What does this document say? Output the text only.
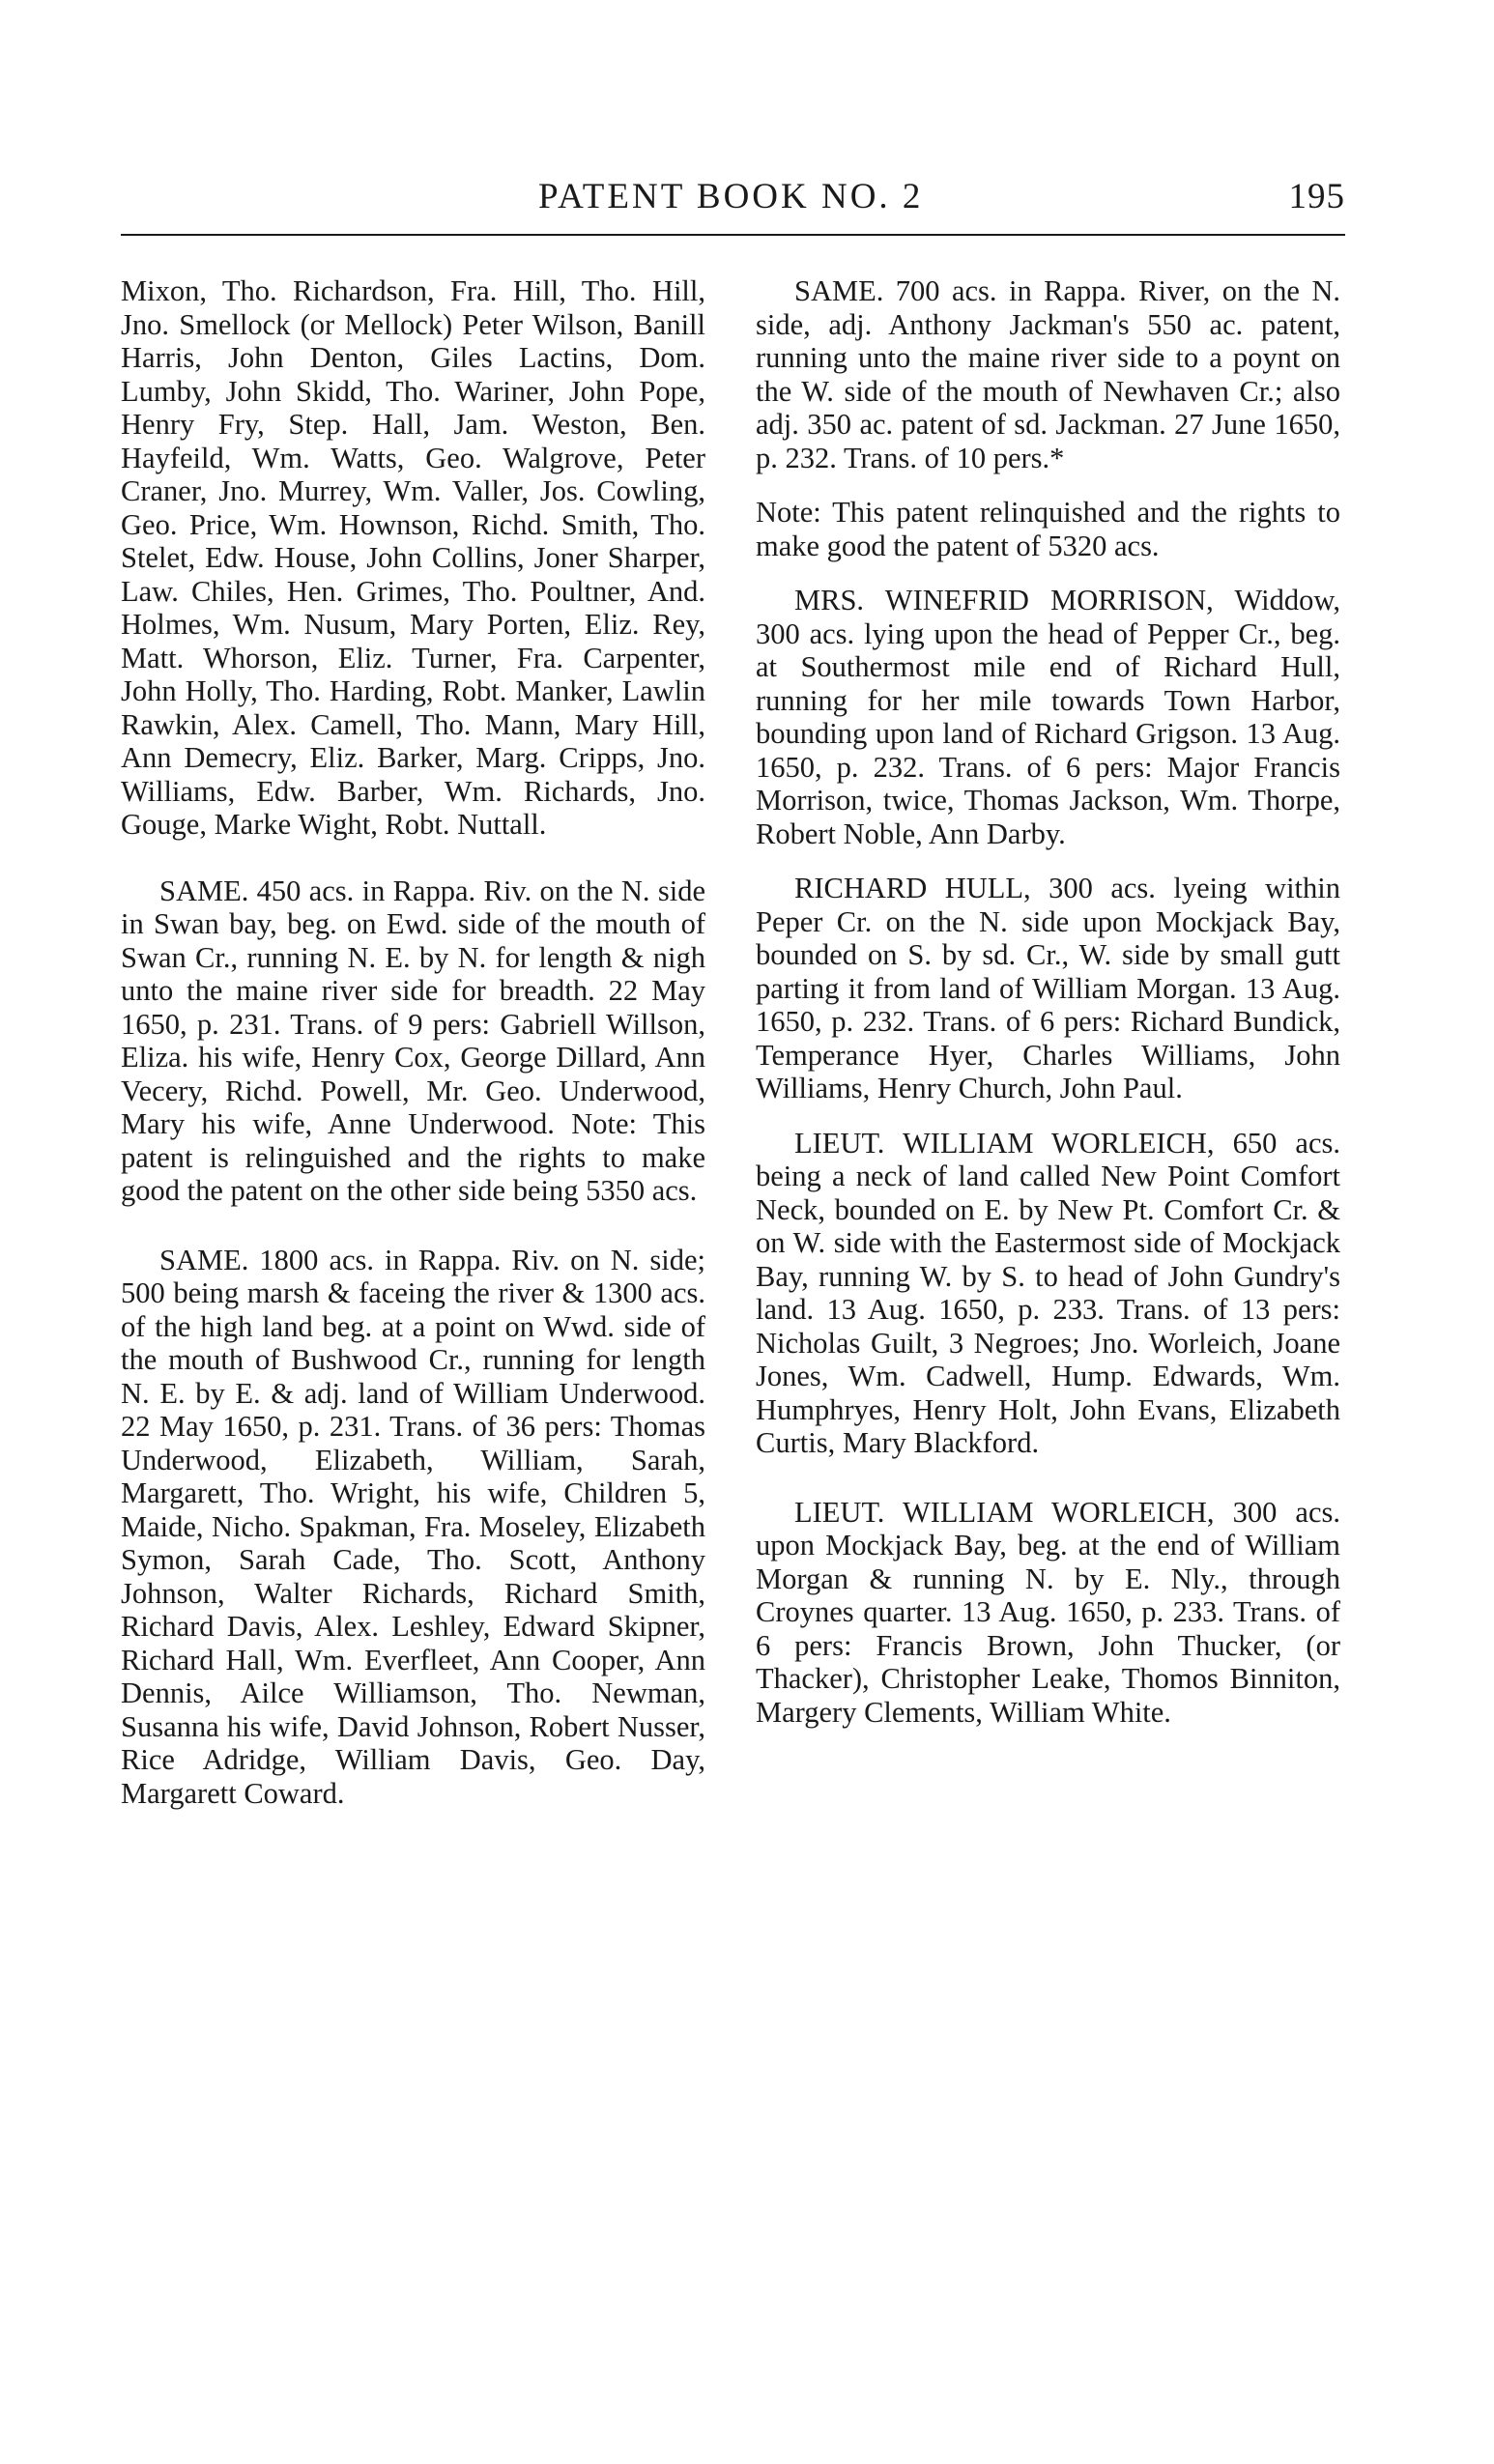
PATENT BOOK NO. 2	195

Mixon, Tho. Richardson, Fra. Hill, Tho. Hill, Jno. Smellock (or Mellock) Peter Wilson, Banill Harris, John Denton, Giles Lactins, Dom. Lumby, John Skidd, Tho. Wariner, John Pope, Henry Fry, Step. Hall, Jam. Weston, Ben. Hayfeild, Wm. Watts, Geo. Walgrove, Peter Craner, Jno. Murrey, Wm. Valler, Jos. Cowling, Geo. Price, Wm. Hownson, Richd. Smith, Tho. Stelet, Edw. House, John Collins, Joner Sharper, Law. Chiles, Hen. Grimes, Tho. Poultner, And. Holmes, Wm. Nusum, Mary Porten, Eliz. Rey, Matt. Whorson, Eliz. Turner, Fra. Carpenter, John Holly, Tho. Harding, Robt. Manker, Lawlin Rawkin, Alex. Camell, Tho. Mann, Mary Hill, Ann Demecry, Eliz. Barker, Marg. Cripps, Jno. Williams, Edw. Barber, Wm. Richards, Jno. Gouge, Marke Wight, Robt. Nuttall.

SAME. 450 acs. in Rappa. Riv. on the N. side in Swan bay, beg. on Ewd. side of the mouth of Swan Cr., running N. E. by N. for length & nigh unto the maine river side for breadth. 22 May 1650, p. 231. Trans. of 9 pers: Gabriell Willson, Eliza. his wife, Henry Cox, George Dillard, Ann Vecery, Richd. Powell, Mr. Geo. Underwood, Mary his wife, Anne Underwood. Note: This patent is relinguished and the rights to make good the patent on the other side being 5350 acs.

SAME. 1800 acs. in Rappa. Riv. on N. side; 500 being marsh & faceing the river & 1300 acs. of the high land beg. at a point on Wwd. side of the mouth of Bushwood Cr., running for length N. E. by E. & adj. land of William Underwood. 22 May 1650, p. 231. Trans. of 36 pers: Thomas Underwood, Elizabeth, William, Sarah, Margarett, Tho. Wright, his wife, Children 5, Maide, Nicho. Spakman, Fra. Moseley, Elizabeth Symon, Sarah Cade, Tho. Scott, Anthony Johnson, Walter Richards, Richard Smith, Richard Davis, Alex. Leshley, Edward Skipner, Richard Hall, Wm. Everfleet, Ann Cooper, Ann Dennis, Ailce Williamson, Tho. Newman, Susanna his wife, David Johnson, Robert Nusser, Rice Adridge, William Davis, Geo. Day, Margarett Coward.

SAME. 700 acs. in Rappa. River, on the N. side, adj. Anthony Jackman's 550 ac. patent, running unto the maine river side to a poynt on the W. side of the mouth of Newhaven Cr.; also adj. 350 ac. patent of sd. Jackman. 27 June 1650, p. 232. Trans. of 10 pers.*

Note: This patent relinquished and the rights to make good the patent of 5320 acs.

MRS. WINEFRID MORRISON, Widdow, 300 acs. lying upon the head of Pepper Cr., beg. at Southermost mile end of Richard Hull, running for her mile towards Town Harbor, bounding upon land of Richard Grigson. 13 Aug. 1650, p. 232. Trans. of 6 pers: Major Francis Morrison, twice, Thomas Jackson, Wm. Thorpe, Robert Noble, Ann Darby.

RICHARD HULL, 300 acs. lyeing within Peper Cr. on the N. side upon Mockjack Bay, bounded on S. by sd. Cr., W. side by small gutt parting it from land of William Morgan. 13 Aug. 1650, p. 232. Trans. of 6 pers: Richard Bundick, Temperance Hyer, Charles Williams, John Williams, Henry Church, John Paul.

LIEUT. WILLIAM WORLEICH, 650 acs. being a neck of land called New Point Comfort Neck, bounded on E. by New Pt. Comfort Cr. & on W. side with the Eastermost side of Mockjack Bay, running W. by S. to head of John Gundry's land. 13 Aug. 1650, p. 233. Trans. of 13 pers: Nicholas Guilt, 3 Negroes; Jno. Worleich, Joane Jones, Wm. Cadwell, Hump. Edwards, Wm. Humphryes, Henry Holt, John Evans, Elizabeth Curtis, Mary Blackford.

LIEUT. WILLIAM WORLEICH, 300 acs. upon Mockjack Bay, beg. at the end of William Morgan & running N. by E. Nly., through Croynes quarter. 13 Aug. 1650, p. 233. Trans. of 6 pers: Francis Brown, John Thucker, (or Thacker), Christopher Leake, Thomos Binniton, Margery Clements, William White.
